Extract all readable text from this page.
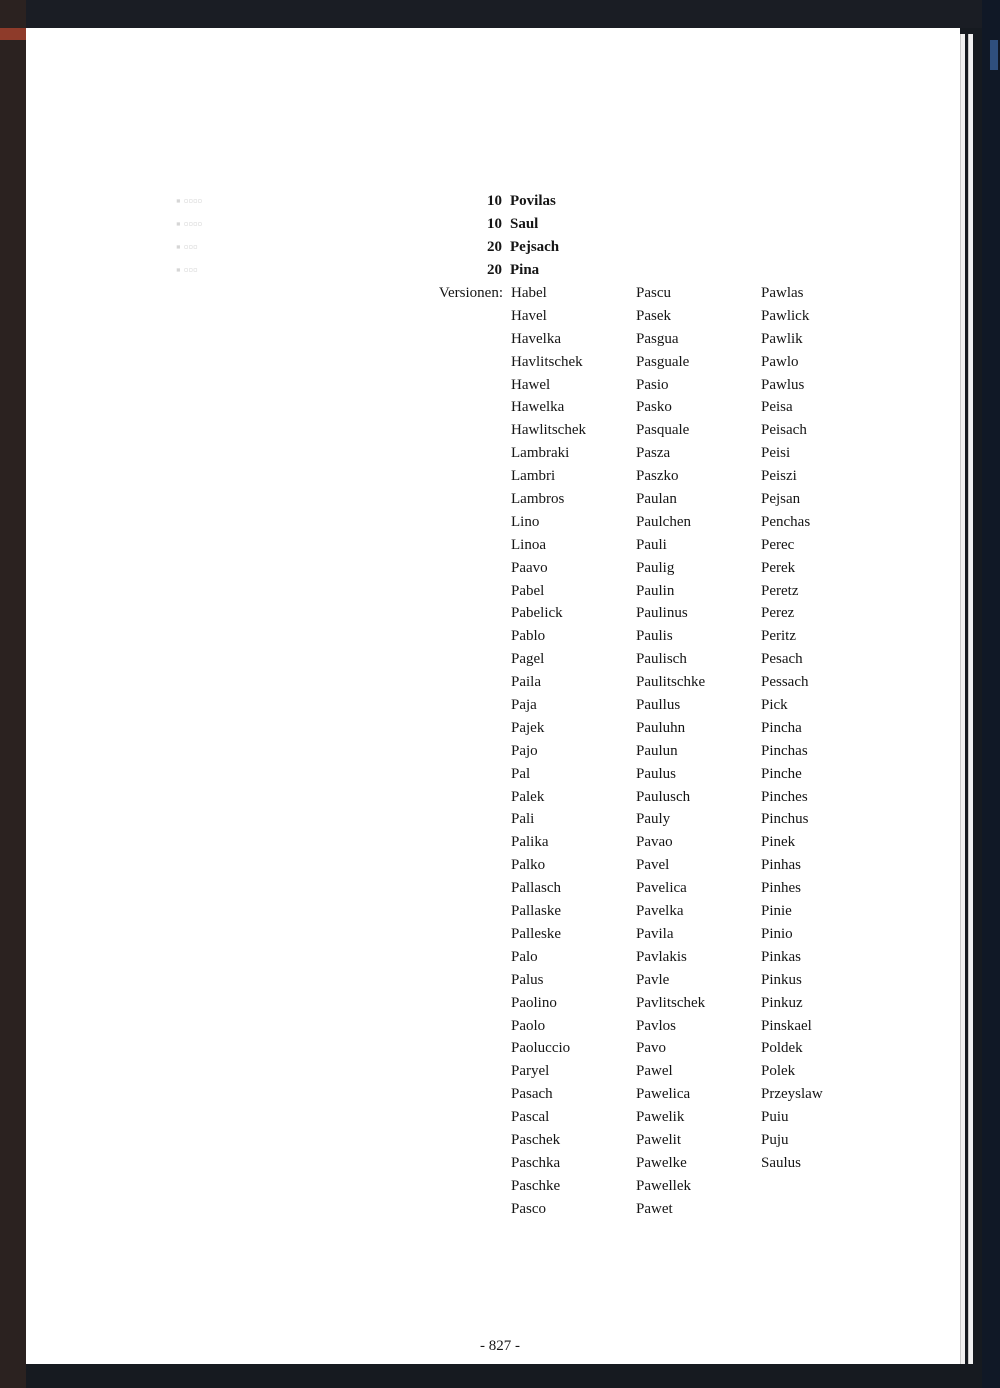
▪ ▫▫▫▫
▪ ▫▫▫▫
▪ ▫▫▫
▪ ▫▫▫
10
10
20
20
Povilas
Saul
Pejsach
Pina
Versionen: Habel
Havel
Havelka
Havlitschek
Hawel
Hawelka
Hawlitschek
Lambraki
Lambri
Lambros
Lino
Linoa
Paavo
Pabel
Pabelick
Pablo
Pagel
Paila
Paja
Pajek
Pajo
Pal
Palek
Pali
Palika
Palko
Pallasch
Pallaske
Palleske
Palo
Palus
Paolino
Paolo
Paoluccio
Paryel
Pasach
Pascal
Paschek
Paschka
Paschke
Pasco
Pascu
Pasek
Pasgua
Pasguale
Pasio
Pasko
Pasquale
Pasza
Paszko
Paulan
Paulchen
Pauli
Paulig
Paulin
Paulinus
Paulis
Paulisch
Paulitschke
Paullus
Pauluhn
Paulun
Paulus
Paulusch
Pauly
Pavao
Pavel
Pavelica
Pavelka
Pavila
Pavlakis
Pavle
Pavlitschek
Pavlos
Pavo
Pawel
Pawelica
Pawelik
Pawelit
Pawelke
Pawellek
Pawet
Pawlas
Pawlick
Pawlik
Pawlo
Pawlus
Peisa
Peisach
Peisi
Peiszi
Pejsan
Penchas
Perec
Perek
Peretz
Perez
Peritz
Pesach
Pessach
Pick
Pincha
Pinchas
Pinche
Pinches
Pinchus
Pinek
Pinhas
Pinhes
Pinie
Pinio
Pinkas
Pinkus
Pinkuz
Pinskael
Poldek
Polek
Przeyslaw
Puiu
Puju
Saulus
- 827 -
